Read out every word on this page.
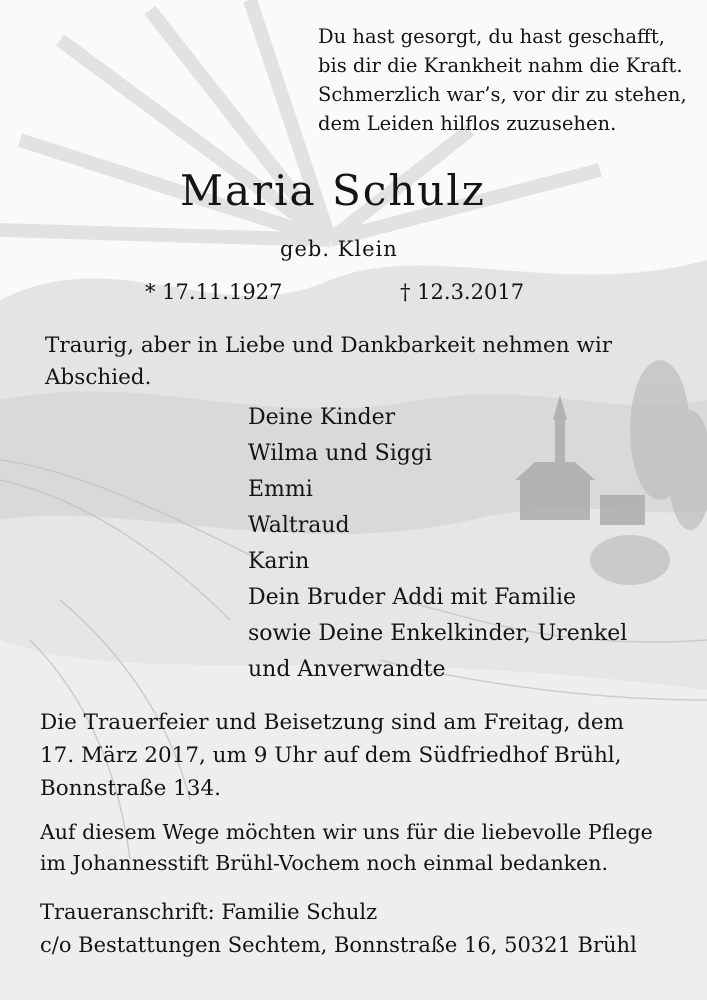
Du hast gesorgt, du hast geschafft,
bis dir die Krankheit nahm die Kraft.
Schmerzlich war’s, vor dir zu stehen,
dem Leiden hilflos zuzusehen.
Maria Schulz
geb. Klein
* 17.11.1927	† 12.3.2017
Traurig, aber in Liebe und Dankbarkeit nehmen wir
Abschied.
Deine Kinder
Wilma und Siggi
Emmi
Waltraud
Karin
Dein Bruder Addi mit Familie
sowie Deine Enkelkinder, Urenkel
und Anverwandte
Die Trauerfeier und Beisetzung sind am Freitag, dem
17. März 2017, um 9 Uhr auf dem Südfriedhof Brühl,
Bonnstraße 134.
Auf diesem Wege möchten wir uns für die liebevolle Pflege
im Johannesstift Brühl-Vochem noch einmal bedanken.
Traueranschrift: Familie Schulz
c/o Bestattungen Sechtem, Bonnstraße 16, 50321 Brühl
